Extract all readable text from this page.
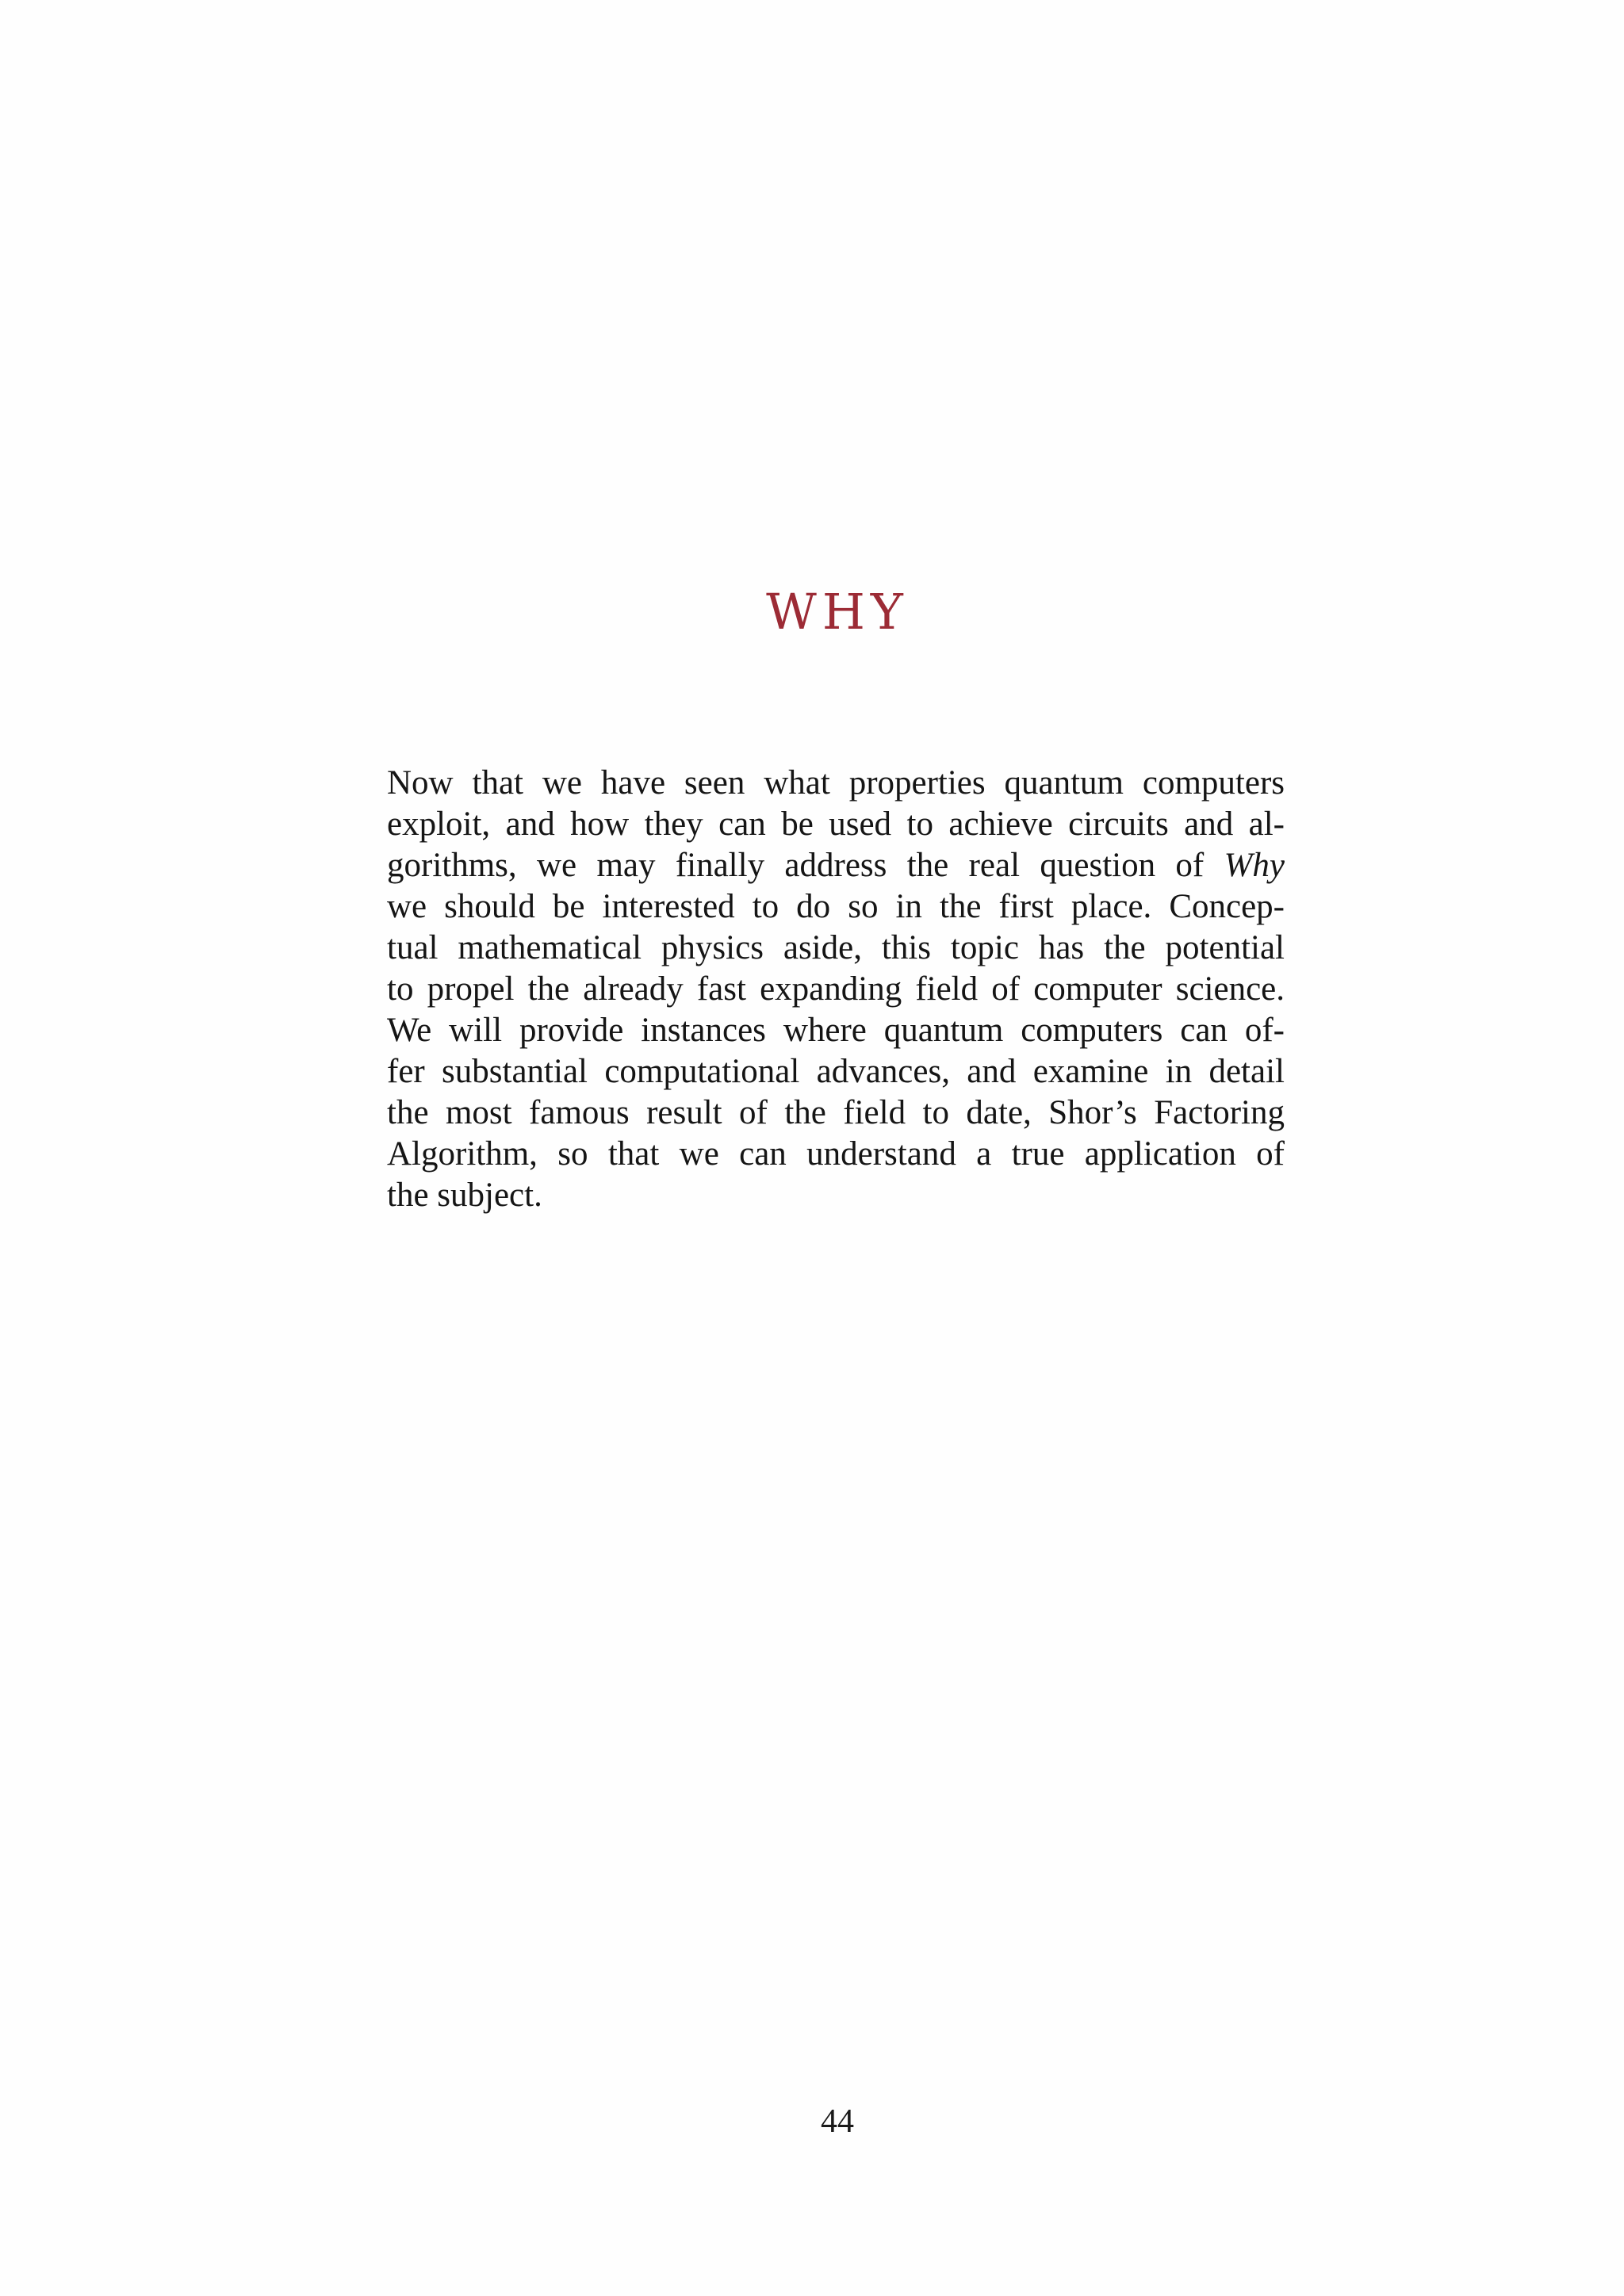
WHY
Now that we have seen what properties quantum computers
exploit, and how they can be used to achieve circuits and al-
gorithms, we may finally address the real question of Why
we should be interested to do so in the first place. Concep-
tual mathematical physics aside, this topic has the potential
to propel the already fast expanding field of computer science.
We will provide instances where quantum computers can of-
fer substantial computational advances, and examine in detail
the most famous result of the field to date, Shor’s Factoring
Algorithm, so that we can understand a true application of
the subject.
44
